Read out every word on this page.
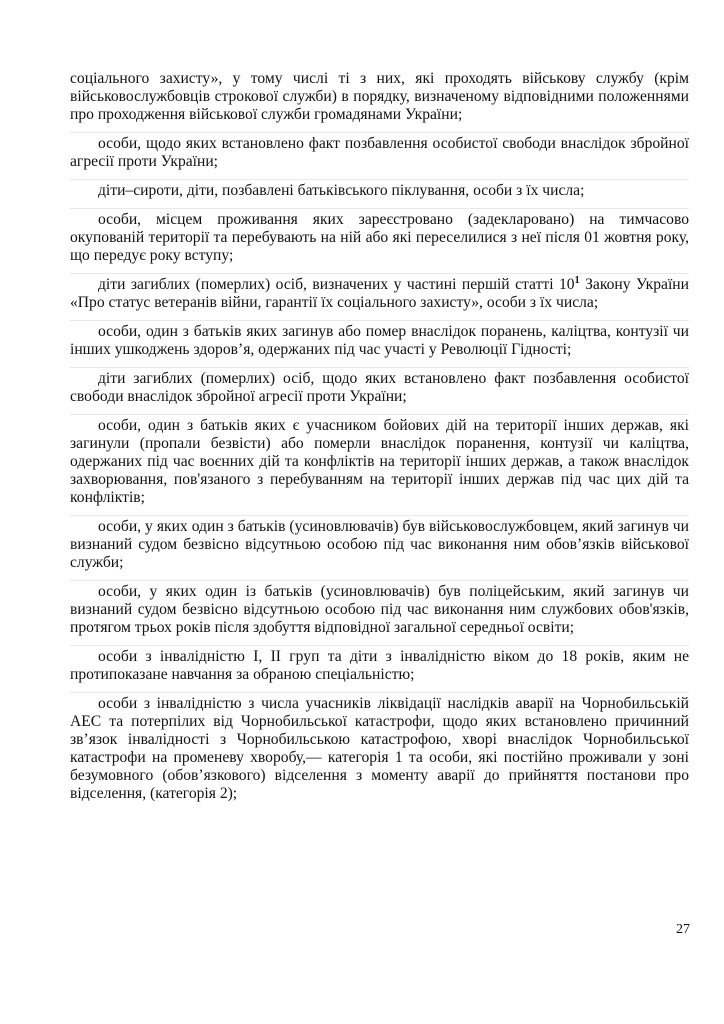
соціального захисту», у тому числі ті з них, які проходять військову службу (крім військовослужбовців строкової служби) в порядку, визначеному відповідними положеннями про проходження військової служби громадянами України;

особи, щодо яких встановлено факт позбавлення особистої свободи внаслідок збройної агресії проти України;

діти–сироти, діти, позбавлені батьківського піклування, особи з їх числа;

особи, місцем проживання яких зареєстровано (задекларовано) на тимчасово окупованій території та перебувають на ній або які переселилися з неї після 01 жовтня року, що передує року вступу;

діти загиблих (померлих) осіб, визначених у частині першій статті $10^1$ Закону України «Про статус ветеранів війни, гарантії їх соціального захисту», особи з їх числа;

особи, один з батьків яких загинув або помер внаслідок поранень, каліцтва, контузії чи інших ушкоджень здоров’я, одержаних під час участі у Революції Гідності;

діти загиблих (померлих) осіб, щодо яких встановлено факт позбавлення особистої свободи внаслідок збройної агресії проти України;

особи, один з батьків яких є учасником бойових дій на території інших держав, які загинули (пропали безвісти) або померли внаслідок поранення, контузії чи каліцтва, одержаних під час воєнних дій та конфліктів на території інших держав, а також внаслідок захворювання, пов'язаного з перебуванням на території інших держав під час цих дій та конфліктів;

особи, у яких один з батьків (усиновлювачів) був військовослужбовцем, який загинув чи визнаний судом безвісно відсутньою особою під час виконання ним обов’язків військової служби;

особи, у яких один із батьків (усиновлювачів) був поліцейським, який загинув чи визнаний судом безвісно відсутньою особою під час виконання ним службових обов'язків, протягом трьох років після здобуття відповідної загальної середньої освіти;

особи з інвалідністю I, II груп та діти з інвалідністю віком до 18 років, яким не протипоказане навчання за обраною спеціальністю;

особи з інвалідністю з числа учасників ліквідації наслідків аварії на Чорнобильській АЕС та потерпілих від Чорнобильської катастрофи, щодо яких встановлено причинний зв’язок інвалідності з Чорнобильською катастрофою, хворі внаслідок Чорнобильської катастрофи на променеву хворобу,— категорія 1 та особи, які постійно проживали у зоні безумовного (обов’язкового) відселення з моменту аварії до прийняття постанови про відселення, (категорія 2);

27
